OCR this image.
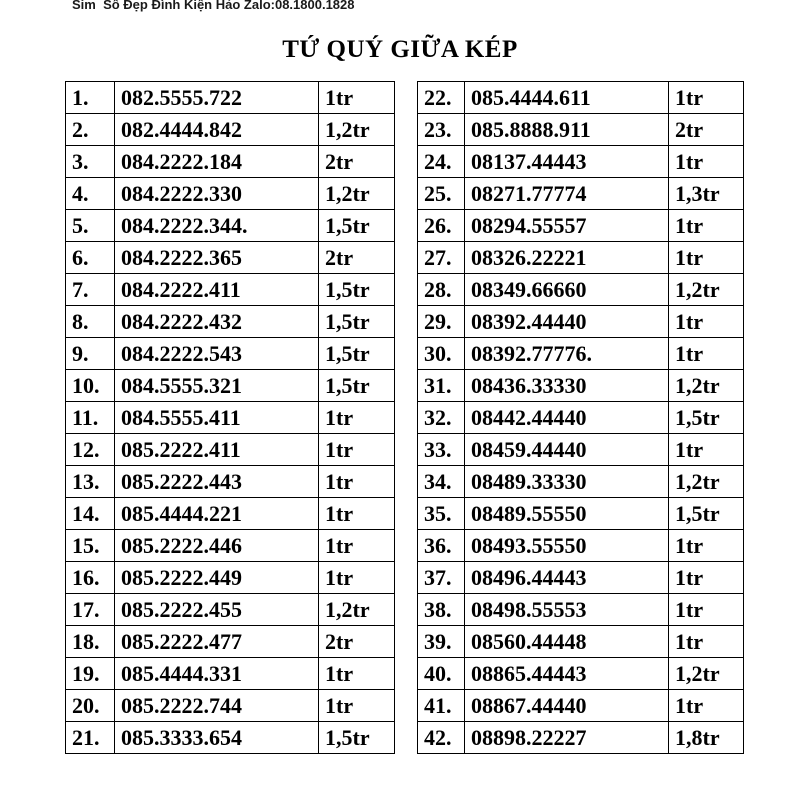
Sim  Số Đẹp Đình Kiện Hảo Zalo:08.1800.1828
TỨ QUÝ GIỮA KÉP
1.	082.5555.722	1tr
2.	082.4444.842	1,2tr
3.	084.2222.184	2tr
4.	084.2222.330	1,2tr
5.	084.2222.344.	1,5tr
6.	084.2222.365	2tr
7.	084.2222.411	1,5tr
8.	084.2222.432	1,5tr
9.	084.2222.543	1,5tr
10.	084.5555.321	1,5tr
11.	084.5555.411	1tr
12.	085.2222.411	1tr
13.	085.2222.443	1tr
14.	085.4444.221	1tr
15.	085.2222.446	1tr
16.	085.2222.449	1tr
17.	085.2222.455	1,2tr
18.	085.2222.477	2tr
19.	085.4444.331	1tr
20.	085.2222.744	1tr
21.	085.3333.654	1,5tr
22.	085.4444.611	1tr
23.	085.8888.911	2tr
24.	08137.44443	1tr
25.	08271.77774	1,3tr
26.	08294.55557	1tr
27.	08326.22221	1tr
28.	08349.66660	1,2tr
29.	08392.44440	1tr
30.	08392.77776.	1tr
31.	08436.33330	1,2tr
32.	08442.44440	1,5tr
33.	08459.44440	1tr
34.	08489.33330	1,2tr
35.	08489.55550	1,5tr
36.	08493.55550	1tr
37.	08496.44443	1tr
38.	08498.55553	1tr
39.	08560.44448	1tr
40.	08865.44443	1,2tr
41.	08867.44440	1tr
42.	08898.22227	1,8tr
